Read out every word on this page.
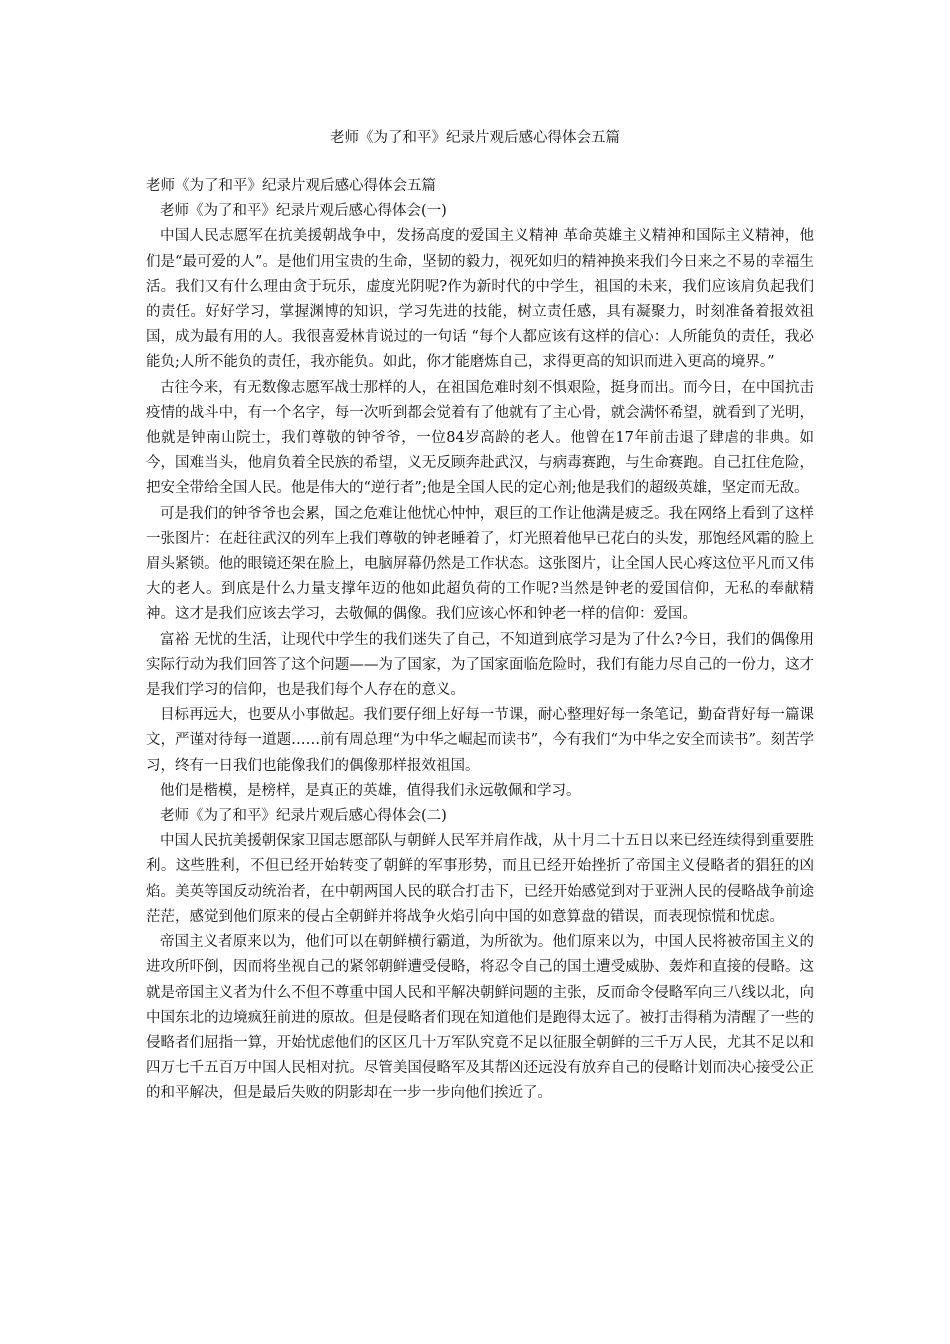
老师《为了和平》纪录片观后感心得体会五篇

老师《为了和平》纪录片观后感心得体会五篇

老师《为了和平》纪录片观后感心得体会(一)

中国人民志愿军在抗美援朝战争中，发扬高度的爱国主义精神 革命英雄主义精神和国际主义精神，他们是“最可爱的人”。是他们用宝贵的生命，坚韧的毅力，视死如归的精神换来我们今日来之不易的幸福生活。我们又有什么理由贪于玩乐，虚度光阴呢?作为新时代的中学生，祖国的未来，我们应该肩负起我们的责任。好好学习，掌握渊博的知识，学习先进的技能，树立责任感，具有凝聚力，时刻准备着报效祖国，成为最有用的人。我很喜爱林肯说过的一句话 “每个人都应该有这样的信心：人所能负的责任，我必能负;人所不能负的责任，我亦能负。如此，你才能磨炼自己，求得更高的知识而进入更高的境界。”

古往今来，有无数像志愿军战士那样的人，在祖国危难时刻不惧艰险，挺身而出。而今日，在中国抗击疫情的战斗中，有一个名字，每一次听到都会觉着有了他就有了主心骨，就会满怀希望，就看到了光明，他就是钟南山院士，我们尊敬的钟爷爷，一位84岁高龄的老人。他曾在17年前击退了肆虐的非典。如今，国难当头，他肩负着全民族的希望，义无反顾奔赴武汉，与病毒赛跑，与生命赛跑。自己扛住危险，把安全带给全国人民。他是伟大的“逆行者”;他是全国人民的定心剂;他是我们的超级英雄，坚定而无敌。

可是我们的钟爷爷也会累，国之危难让他忧心忡忡，艰巨的工作让他满是疲乏。我在网络上看到了这样一张图片：在赶往武汉的列车上我们尊敬的钟老睡着了，灯光照着他早已花白的头发，那饱经风霜的脸上眉头紧锁。他的眼镜还架在脸上，电脑屏幕仍然是工作状态。这张图片，让全国人民心疼这位平凡而又伟大的老人。到底是什么力量支撑年迈的他如此超负荷的工作呢?当然是钟老的爱国信仰，无私的奉献精神。这才是我们应该去学习，去敬佩的偶像。我们应该心怀和钟老一样的信仰：爱国。

富裕 无忧的生活，让现代中学生的我们迷失了自己，不知道到底学习是为了什么?今日，我们的偶像用实际行动为我们回答了这个问题——为了国家，为了国家面临危险时，我们有能力尽自己的一份力，这才是我们学习的信仰，也是我们每个人存在的意义。

目标再远大，也要从小事做起。我们要仔细上好每一节课，耐心整理好每一条笔记，勤奋背好每一篇课文，严谨对待每一道题……前有周总理“为中华之崛起而读书”，今有我们“为中华之安全而读书”。刻苦学习，终有一日我们也能像我们的偶像那样报效祖国。

他们是楷模，是榜样，是真正的英雄，值得我们永远敬佩和学习。

老师《为了和平》纪录片观后感心得体会(二)

中国人民抗美援朝保家卫国志愿部队与朝鲜人民军并肩作战，从十月二十五日以来已经连续得到重要胜利。这些胜利，不但已经开始转变了朝鲜的军事形势，而且已经开始挫折了帝国主义侵略者的猖狂的凶焰。美英等国反动统治者，在中朝两国人民的联合打击下，已经开始感觉到对于亚洲人民的侵略战争前途茫茫，感觉到他们原来的侵占全朝鲜并将战争火焰引向中国的如意算盘的错误，而表现惊慌和忧虑。

帝国主义者原来以为，他们可以在朝鲜横行霸道，为所欲为。他们原来以为，中国人民将被帝国主义的进攻所吓倒，因而将坐视自己的紧邻朝鲜遭受侵略，将忍令自己的国土遭受威胁、轰炸和直接的侵略。这就是帝国主义者为什么不但不尊重中国人民和平解决朝鲜问题的主张，反而命令侵略军向三八线以北，向中国东北的边境疯狂前进的原故。但是侵略者们现在知道他们是跑得太远了。被打击得稍为清醒了一些的侵略者们屈指一算，开始忧虑他们的区区几十万军队究竟不足以征服全朝鲜的三千万人民，尤其不足以和四万七千五百万中国人民相对抗。尽管美国侵略军及其帮凶还远没有放弃自己的侵略计划而决心接受公正的和平解决，但是最后失败的阴影却在一步一步向他们挨近了。
